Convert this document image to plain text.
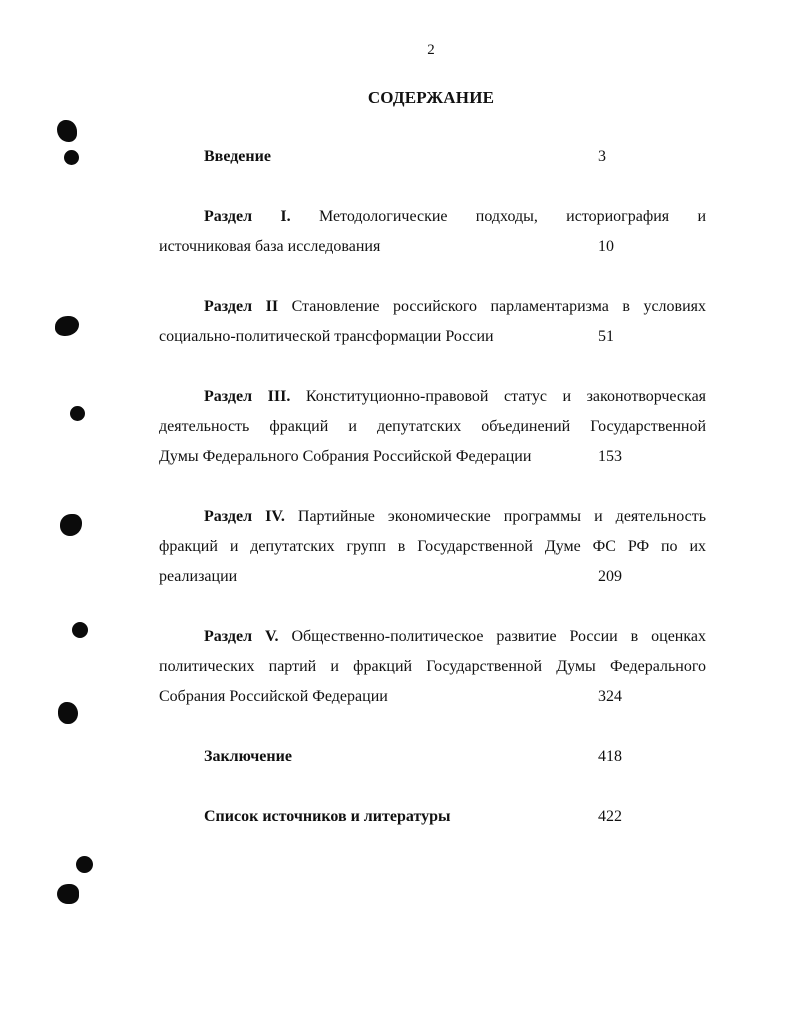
2
СОДЕРЖАНИЕ
Введение	3
Раздел I. Методологические подходы, историография и
источниковая база исследования	10
Раздел II Становление российского парламентаризма в условиях
социально-политической трансформации России	51
Раздел III. Конституционно-правовой статус и законотворческая
деятельность фракций и депутатских объединений Государственной
Думы Федерального Собрания Российской Федерации	153
Раздел IV. Партийные экономические программы и деятельность
фракций и депутатских групп в Государственной Думе ФС РФ по их
реализации	209
Раздел V. Общественно-политическое развитие России в оценках
политических партий и фракций Государственной Думы Федерального
Собрания Российской Федерации	324
Заключение	418
Список источников и литературы	422
